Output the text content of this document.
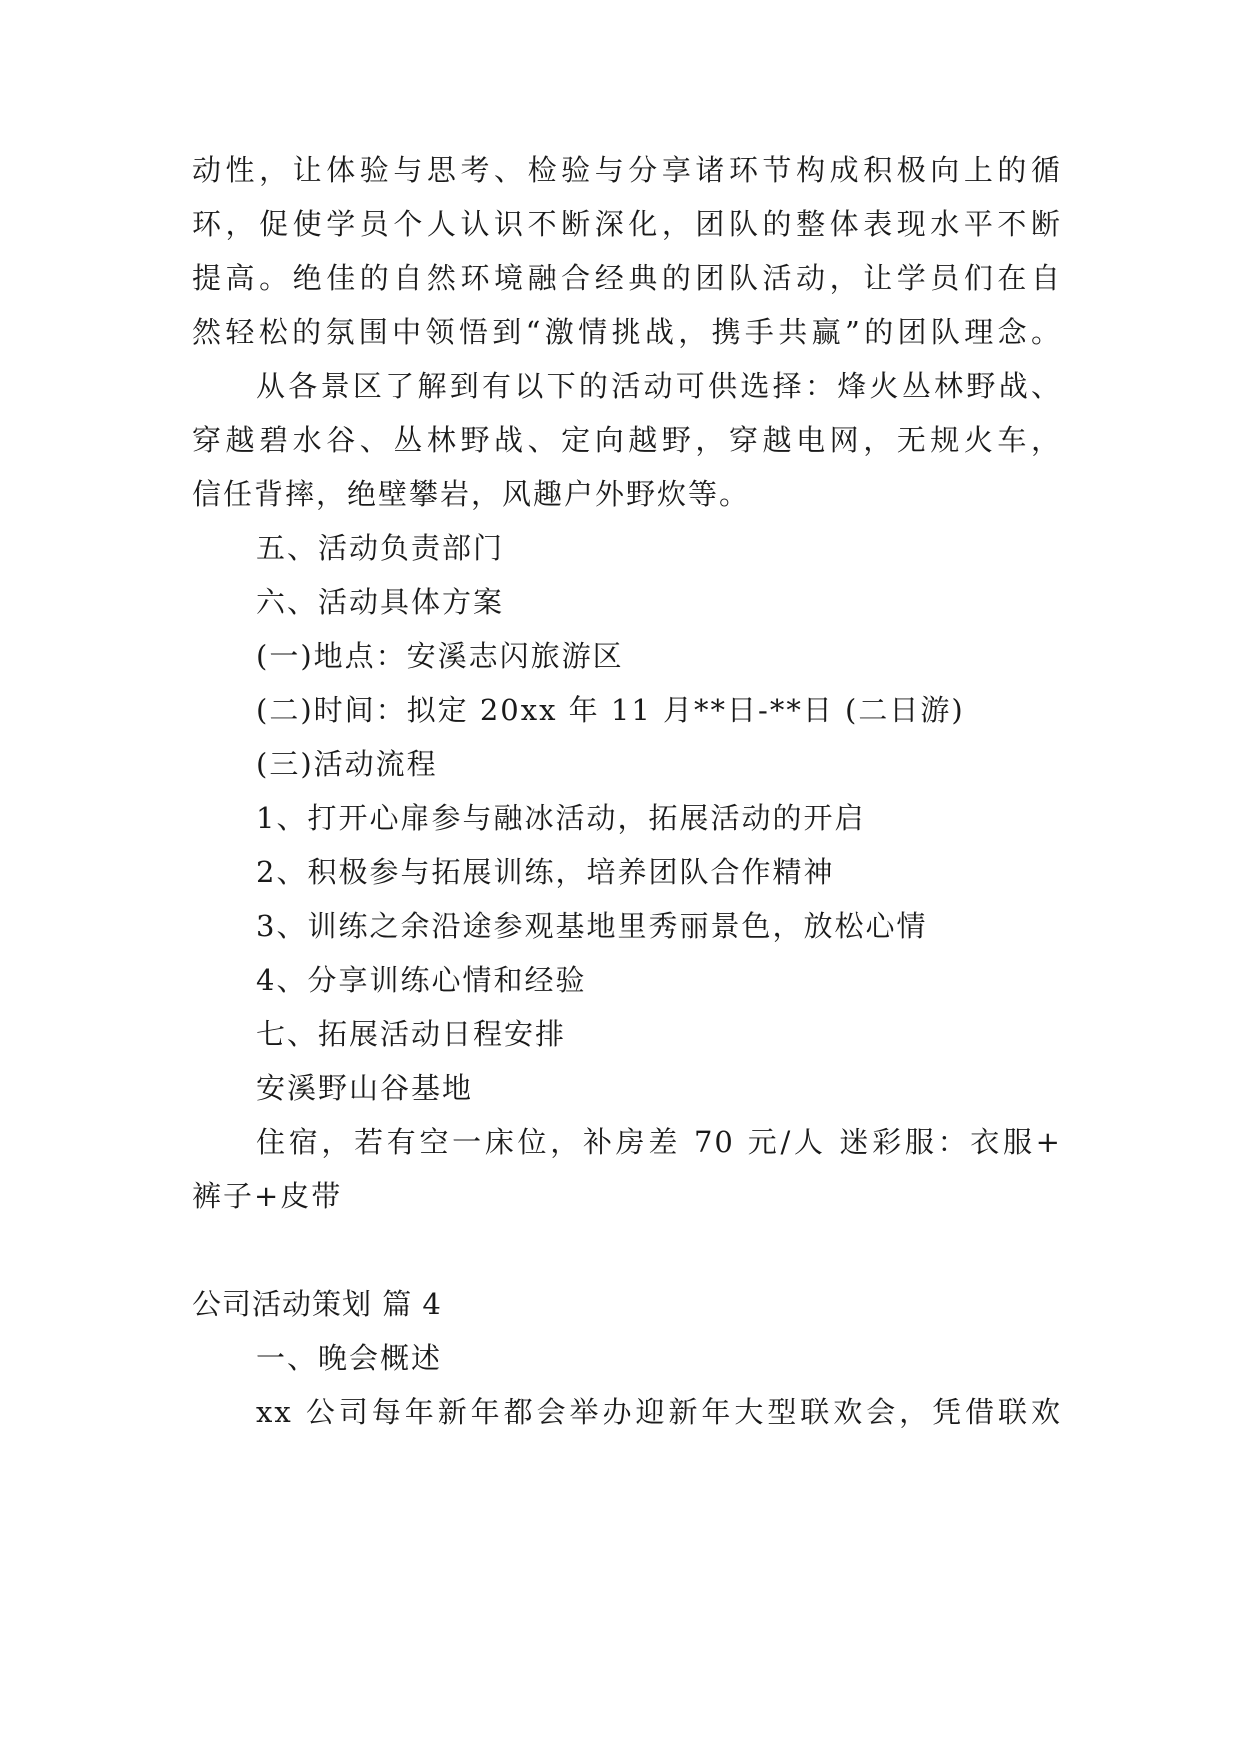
动性，让体验与思考、检验与分享诸环节构成积极向上的循
环，促使学员个人认识不断深化，团队的整体表现水平不断
提高。绝佳的自然环境融合经典的团队活动，让学员们在自
然轻松的氛围中领悟到“激情挑战，携手共赢”的团队理念。
从各景区了解到有以下的活动可供选择：烽火丛林野战、
穿越碧水谷、丛林野战、定向越野，穿越电网，无规火车，
信任背摔，绝壁攀岩，风趣户外野炊等。
五、活动负责部门
六、活动具体方案
(一)地点：安溪志闪旅游区
(二)时间：拟定 20xx 年 11 月**日-**日 (二日游)
(三)活动流程
1、打开心扉参与融冰活动，拓展活动的开启
2、积极参与拓展训练，培养团队合作精神
3、训练之余沿途参观基地里秀丽景色，放松心情
4、分享训练心情和经验
七、拓展活动日程安排
安溪野山谷基地
住宿，若有空一床位，补房差 70 元/人 迷彩服：衣服+
裤子+皮带
公司活动策划 篇 4
一、晚会概述
xx 公司每年新年都会举办迎新年大型联欢会，凭借联欢
